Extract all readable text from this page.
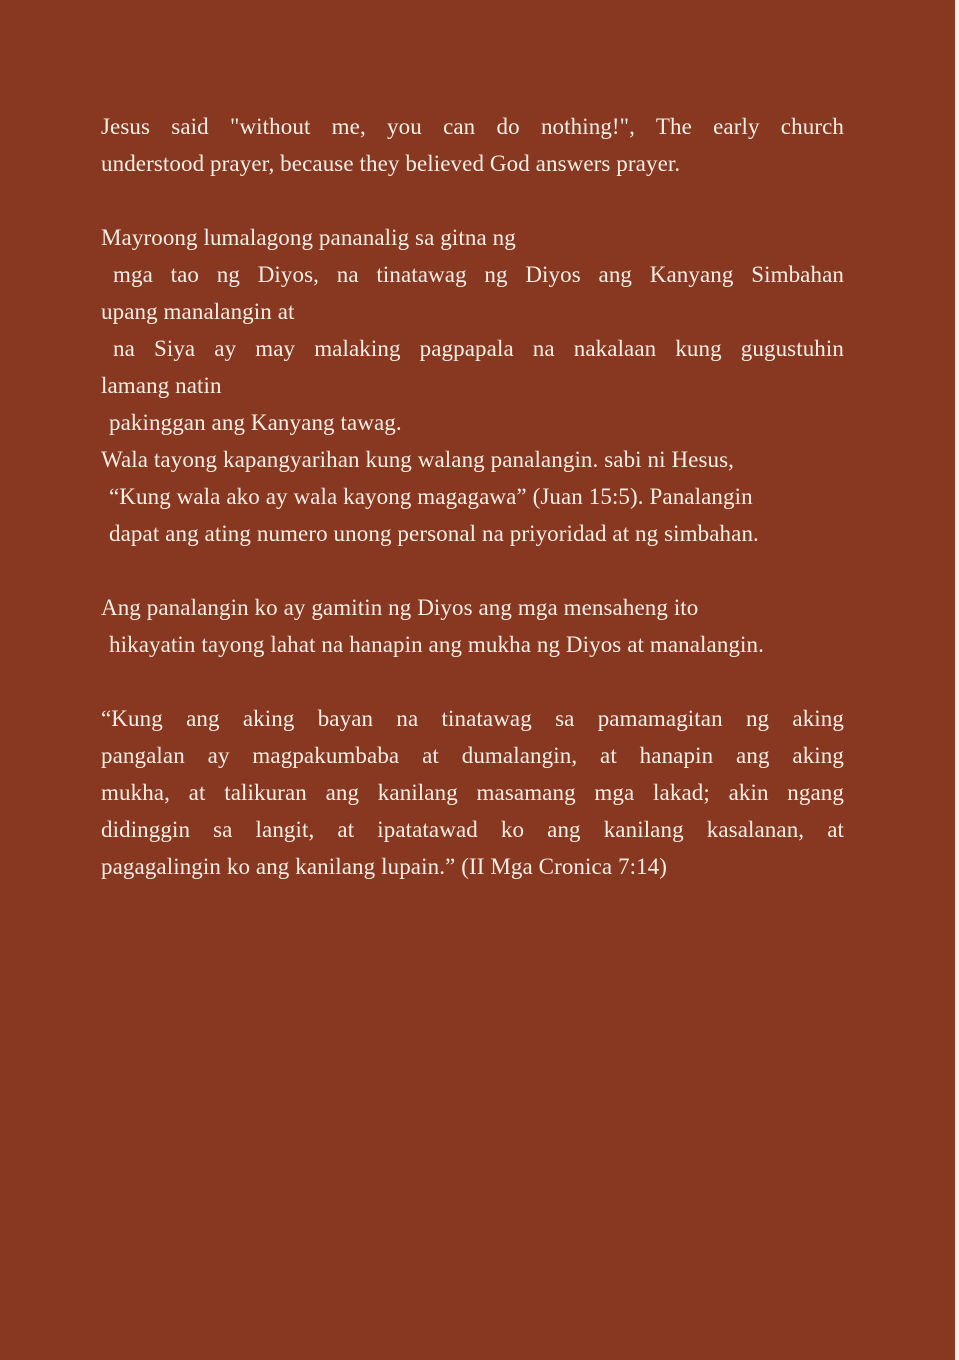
Jesus said "without me, you can do nothing!", The early church
understood prayer, because they believed God answers prayer.
Mayroong lumalagong pananalig sa gitna ng
mga tao ng Diyos, na tinatawag ng Diyos ang Kanyang Simbahan
upang manalangin at
na Siya ay may malaking pagpapala na nakalaan kung gugustuhin
lamang natin
pakinggan ang Kanyang tawag.
Wala tayong kapangyarihan kung walang panalangin. sabi ni Hesus,
“Kung wala ako ay wala kayong magagawa” (Juan 15:5). Panalangin
dapat ang ating numero unong personal na priyoridad at ng simbahan.
Ang panalangin ko ay gamitin ng Diyos ang mga mensaheng ito
hikayatin tayong lahat na hanapin ang mukha ng Diyos at manalangin.
“Kung ang aking bayan na tinatawag sa pamamagitan ng aking
pangalan ay magpakumbaba at dumalangin, at hanapin ang aking
mukha, at talikuran ang kanilang masamang mga lakad; akin ngang
didinggin sa langit, at ipatatawad ko ang kanilang kasalanan, at
pagagalingin ko ang kanilang lupain.” (II Mga Cronica 7:14)
